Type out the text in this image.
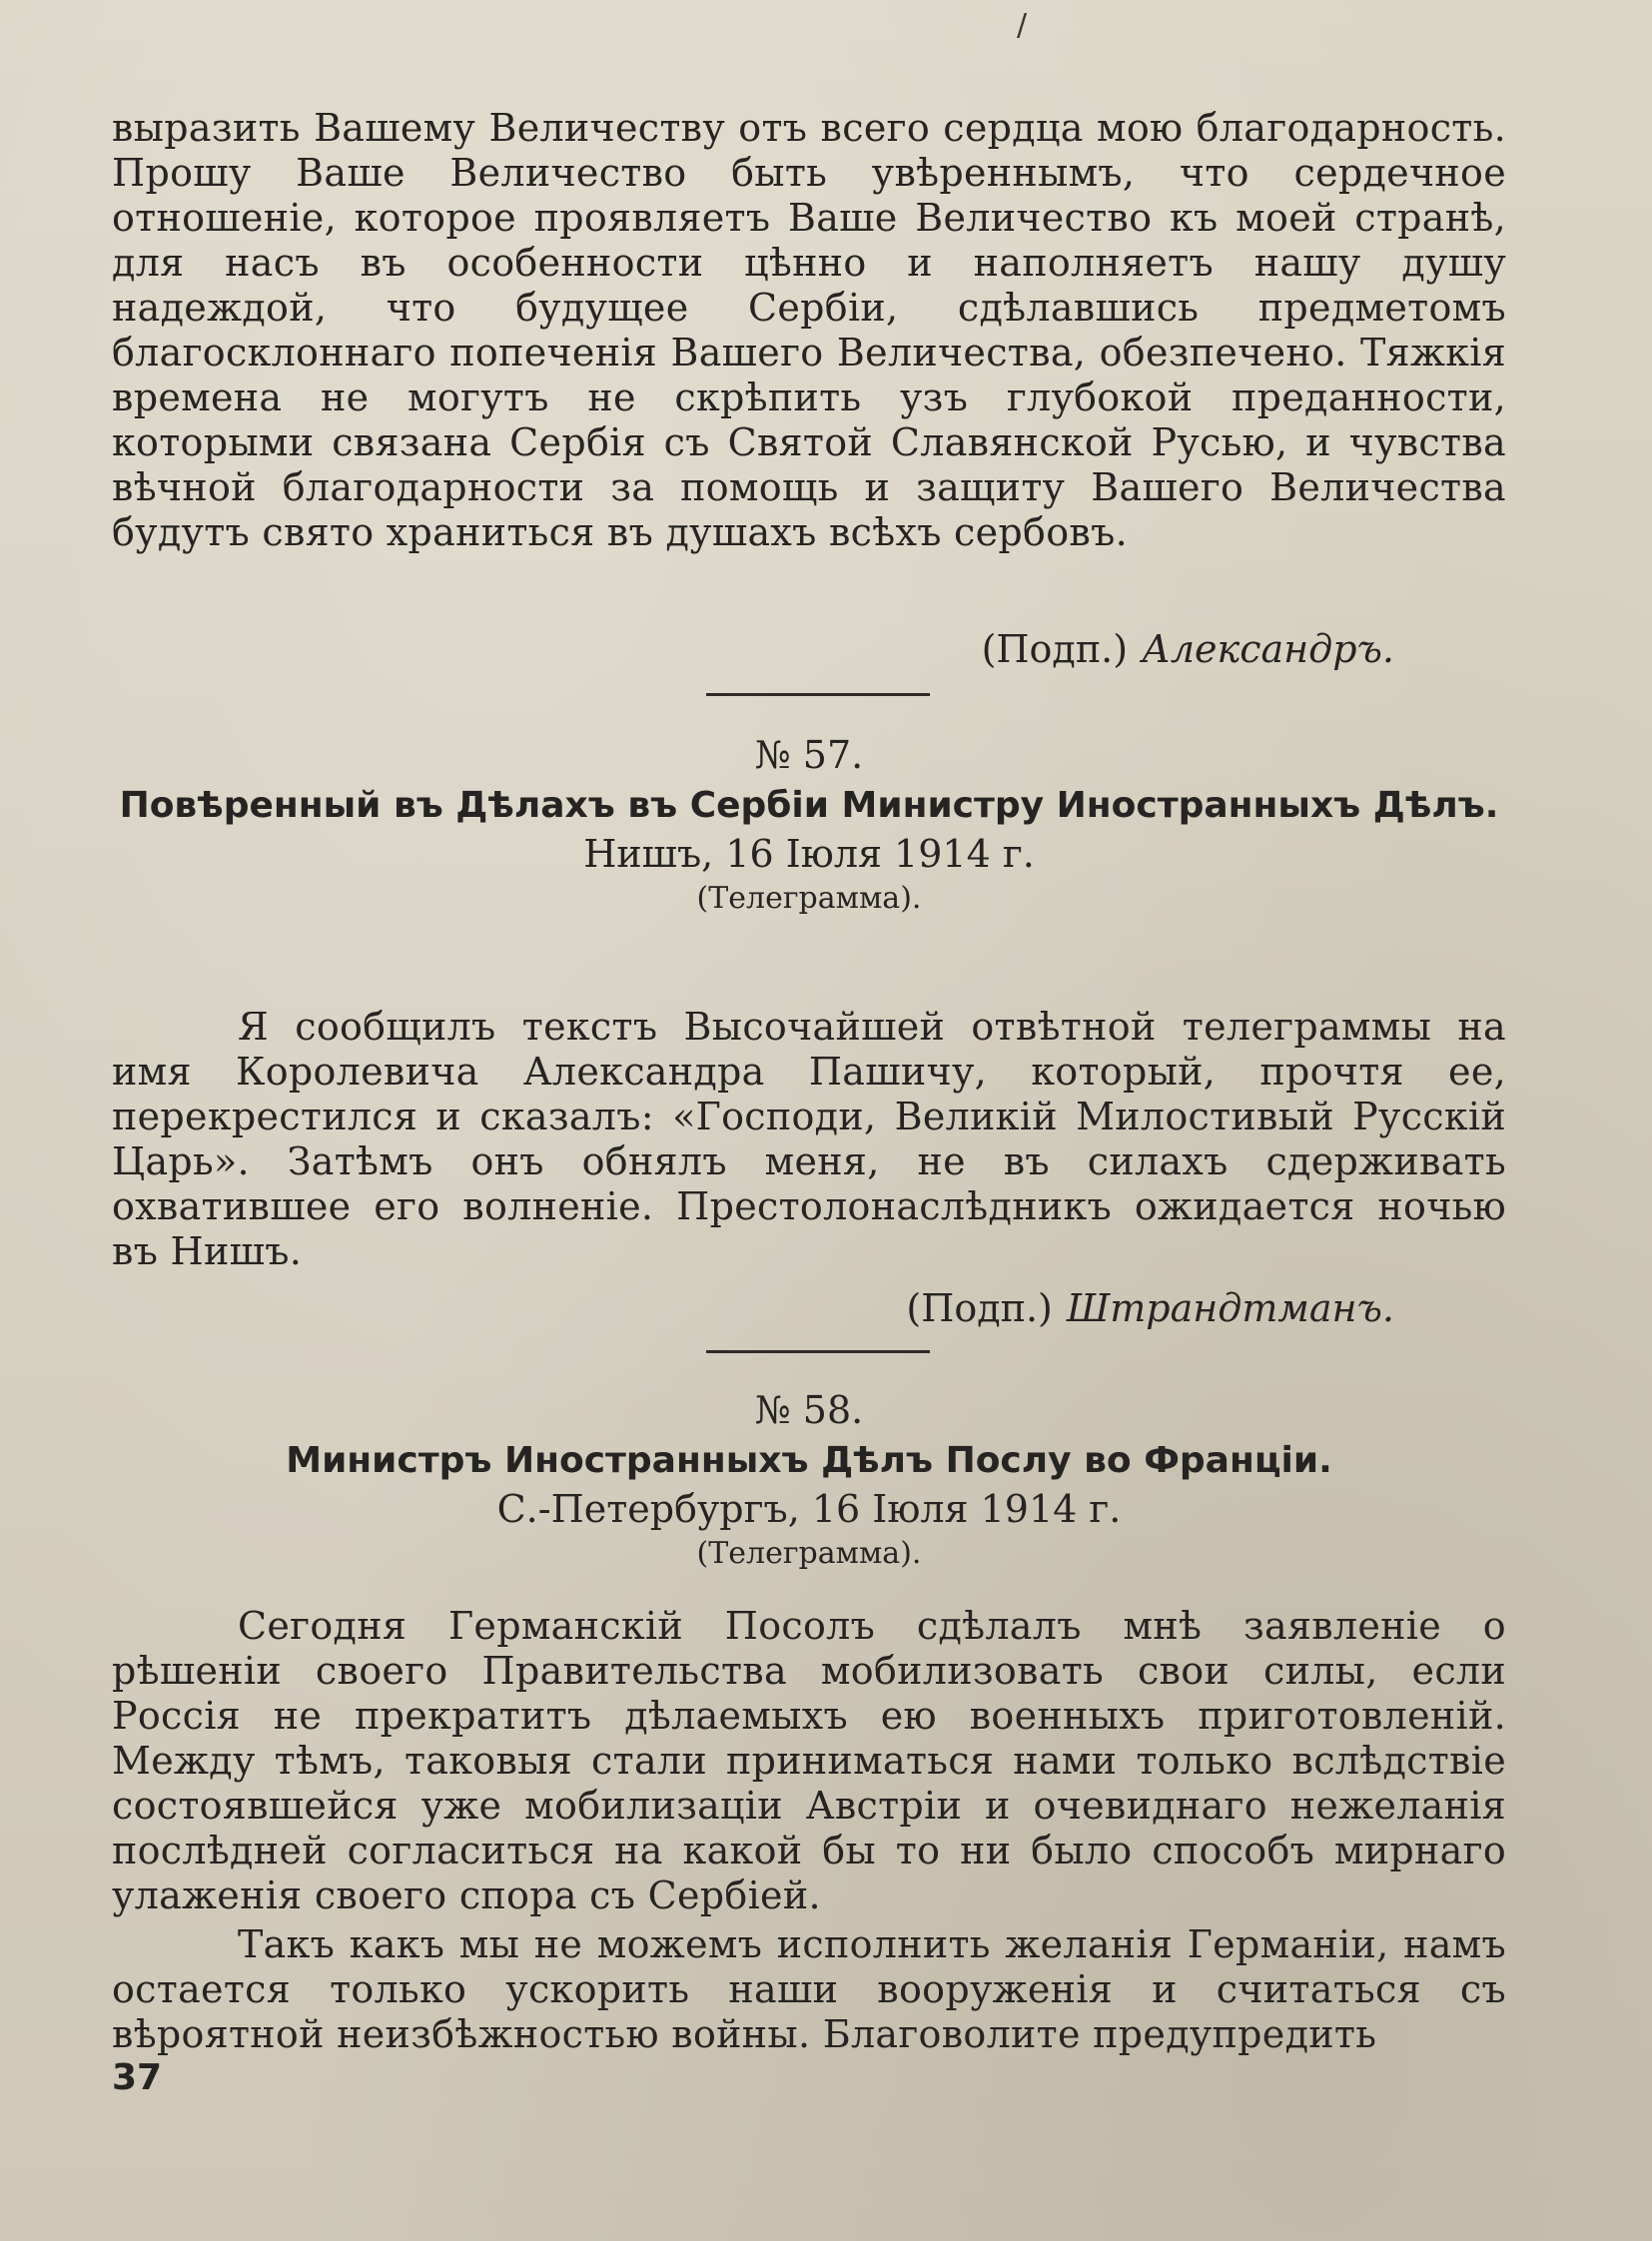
/

выразить Вашему Величеству отъ всего сердца мою благодарность. Прошу Ваше Величество быть увѣреннымъ, что сердечное отношеніе, которое проявляетъ Ваше Величество къ моей странѣ, для насъ въ особенности цѣнно и наполняетъ нашу душу надеждой, что будущее Сербіи, сдѣлавшись предметомъ благосклоннаго попеченія Вашего Величества, обезпечено. Тяжкія времена не могутъ не скрѣпить узъ глубокой преданности, которыми связана Сербія съ Святой Славянской Русью, и чувства вѣчной благодарности за помощь и защиту Вашего Величества будутъ свято храниться въ душахъ всѣхъ сербовъ.

(Подп.) Александръ.

№ 57.

Повѣренный въ Дѣлахъ въ Сербіи Министру Иностранныхъ Дѣлъ.

Нишъ, 16 Іюля 1914 г.

(Телеграмма).

Я сообщилъ текстъ Высочайшей отвѣтной телеграммы на имя Королевича Александра Пашичу, который, прочтя ее, перекрестился и сказалъ: «Господи, Великій Милостивый Русскій Царь». Затѣмъ онъ обнялъ меня, не въ силахъ сдерживать охватившее его волненіе. Престолонаслѣдникъ ожидается ночью въ Нишъ.

(Подп.) Штрандтманъ.

№ 58.

Министръ Иностранныхъ Дѣлъ Послу во Франціи.

С.-Петербургъ, 16 Іюля 1914 г.

(Телеграмма).

Сегодня Германскій Посолъ сдѣлалъ мнѣ заявленіе о рѣшеніи своего Правительства мобилизовать свои силы, если Россія не прекратитъ дѣлаемыхъ ею военныхъ приготовленій. Между тѣмъ, таковыя стали приниматься нами только вслѣдствіе состоявшейся уже мобилизаціи Австріи и очевиднаго нежеланія послѣдней согласиться на какой бы то ни было способъ мирнаго улаженія своего спора съ Сербіей.

Такъ какъ мы не можемъ исполнить желанія Германіи, намъ остается только ускорить наши вооруженія и считаться съ вѣроятной неизбѣжностью войны. Благоволите предупредить

37
